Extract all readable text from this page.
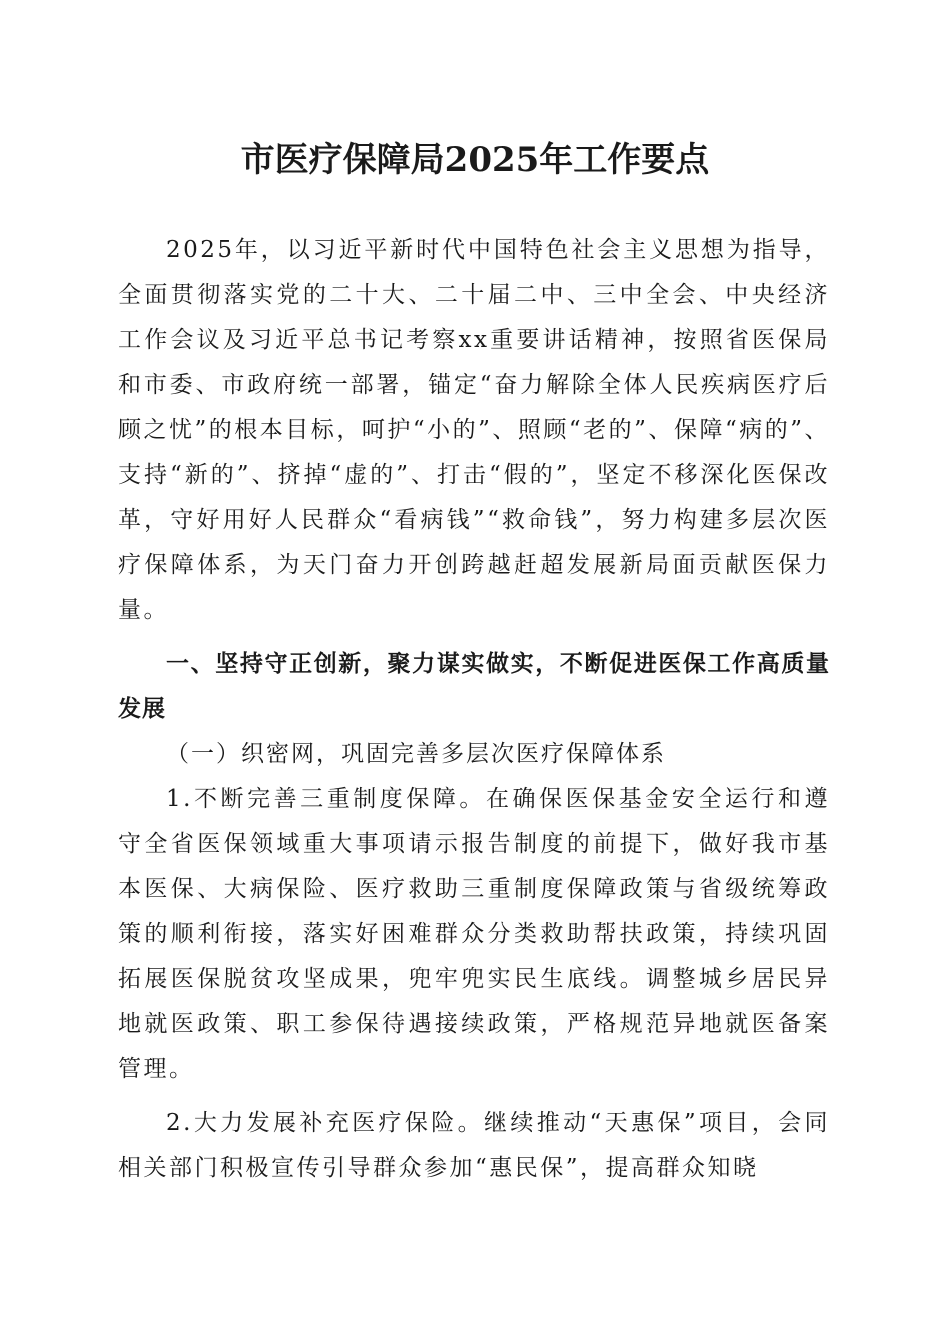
市医疗保障局2025年工作要点

2025年，以习近平新时代中国特色社会主义思想为指导，全面贯彻落实党的二十大、二十届二中、三中全会、中央经济工作会议及习近平总书记考察xx重要讲话精神，按照省医保局和市委、市政府统一部署，锚定“奋力解除全体人民疾病医疗后顾之忧”的根本目标，呵护“小的”、照顾“老的”、保障“病的”、支持“新的”、挤掉“虚的”、打击“假的”，坚定不移深化医保改革，守好用好人民群众“看病钱”“救命钱”，努力构建多层次医疗保障体系，为天门奋力开创跨越赶超发展新局面贡献医保力量。

一、坚持守正创新，聚力谋实做实，不断促进医保工作高质量发展

（一）织密网，巩固完善多层次医疗保障体系

1.不断完善三重制度保障。在确保医保基金安全运行和遵守全省医保领域重大事项请示报告制度的前提下，做好我市基本医保、大病保险、医疗救助三重制度保障政策与省级统筹政策的顺利衔接，落实好困难群众分类救助帮扶政策，持续巩固拓展医保脱贫攻坚成果，兜牢兜实民生底线。调整城乡居民异地就医政策、职工参保待遇接续政策，严格规范异地就医备案管理。

2.大力发展补充医疗保险。继续推动“天惠保”项目，会同相关部门积极宣传引导群众参加“惠民保”，提高群众知晓
